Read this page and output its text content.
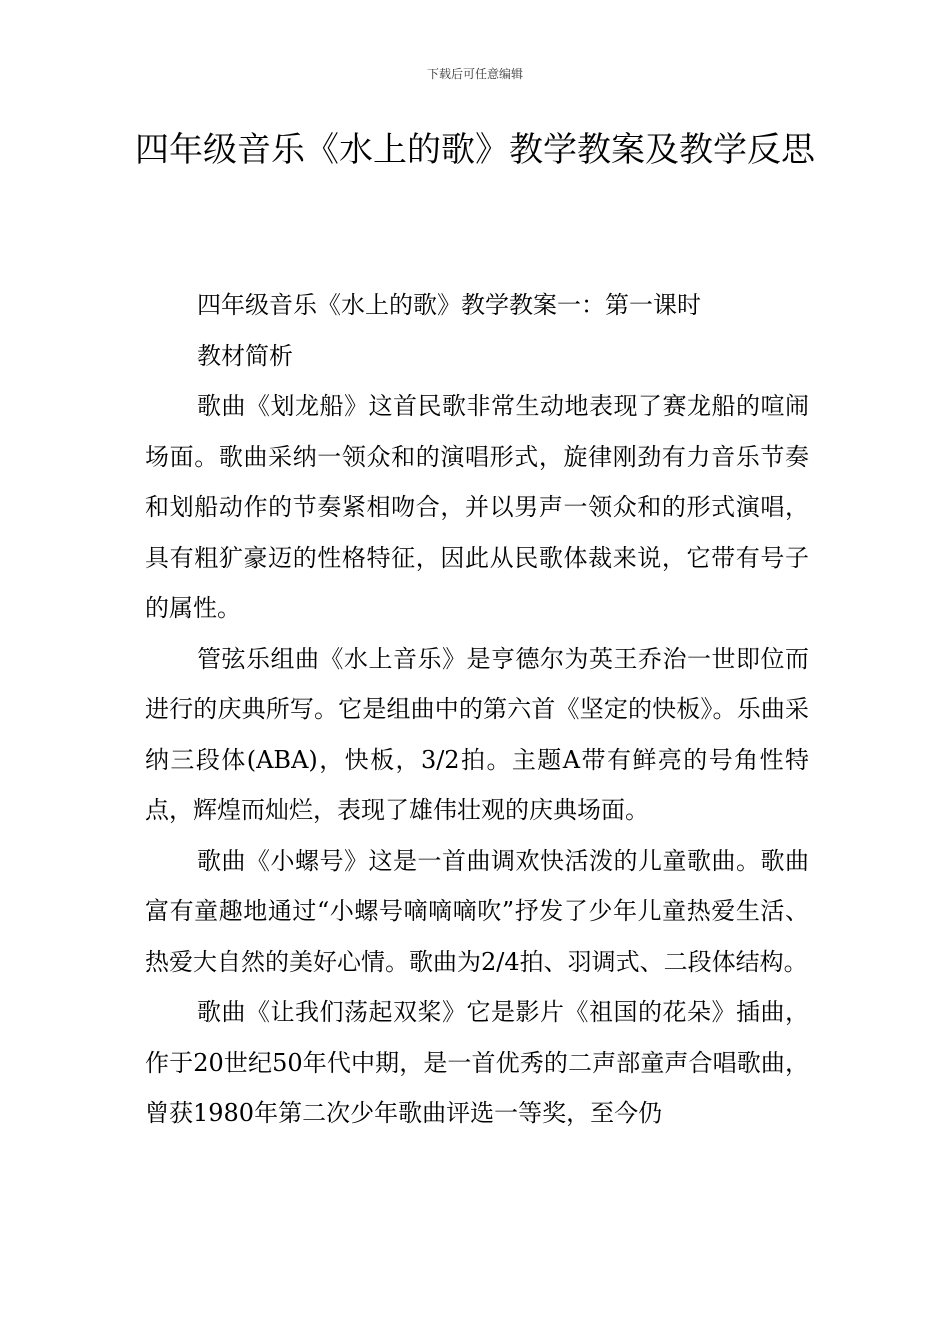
下载后可任意编辑
四年级音乐《水上的歌》教学教案及教学反思

四年级音乐《水上的歌》教学教案一：第一课时

教材简析

歌曲《划龙船》这首民歌非常生动地表现了赛龙船的喧闹场面。歌曲采纳一领众和的演唱形式，旋律刚劲有力音乐节奏和划船动作的节奏紧相吻合，并以男声一领众和的形式演唱，具有粗犷豪迈的性格特征，因此从民歌体裁来说，它带有号子的属性。

管弦乐组曲《水上音乐》是亨德尔为英王乔治一世即位而进行的庆典所写。它是组曲中的第六首《坚定的快板》。乐曲采纳三段体(ABA)，快板，3/2拍。主题A带有鲜亮的号角性特点，辉煌而灿烂，表现了雄伟壮观的庆典场面。

歌曲《小螺号》这是一首曲调欢快活泼的儿童歌曲。歌曲富有童趣地通过“小螺号嘀嘀嘀吹”抒发了少年儿童热爱生活、热爱大自然的美好心情。歌曲为2/4拍、羽调式、二段体结构。

歌曲《让我们荡起双桨》它是影片《祖国的花朵》插曲，作于20世纪50年代中期，是一首优秀的二声部童声合唱歌曲，曾获1980年第二次少年歌曲评选一等奖，至今仍
